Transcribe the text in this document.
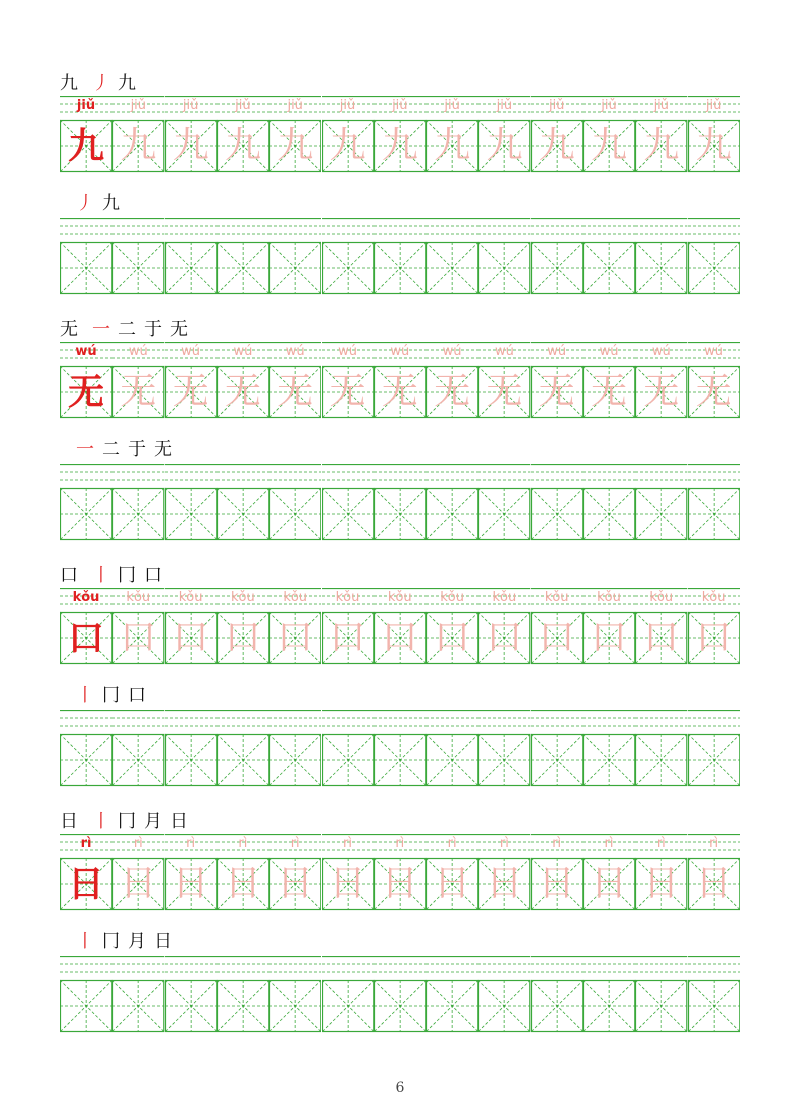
九 丿 九
jiǔ
九
jiǔ
九
jiǔ
九
jiǔ
九
jiǔ
九
jiǔ
九
jiǔ
九
jiǔ
九
jiǔ
九
jiǔ
九
jiǔ
九
jiǔ
九
jiǔ
九
丿 九
无 一 二 于 无
wú
无
wú
无
wú
无
wú
无
wú
无
wú
无
wú
无
wú
无
wú
无
wú
无
wú
无
wú
无
wú
无
一 二 于 无
口 丨 冂 口
kǒu
口
kǒu
口
kǒu
口
kǒu
口
kǒu
口
kǒu
口
kǒu
口
kǒu
口
kǒu
口
kǒu
口
kǒu
口
kǒu
口
kǒu
口
丨 冂 口
日 丨 冂 月 日
rì
日
rì
日
rì
日
rì
日
rì
日
rì
日
rì
日
rì
日
rì
日
rì
日
rì
日
rì
日
rì
日
丨 冂 月 日
6
